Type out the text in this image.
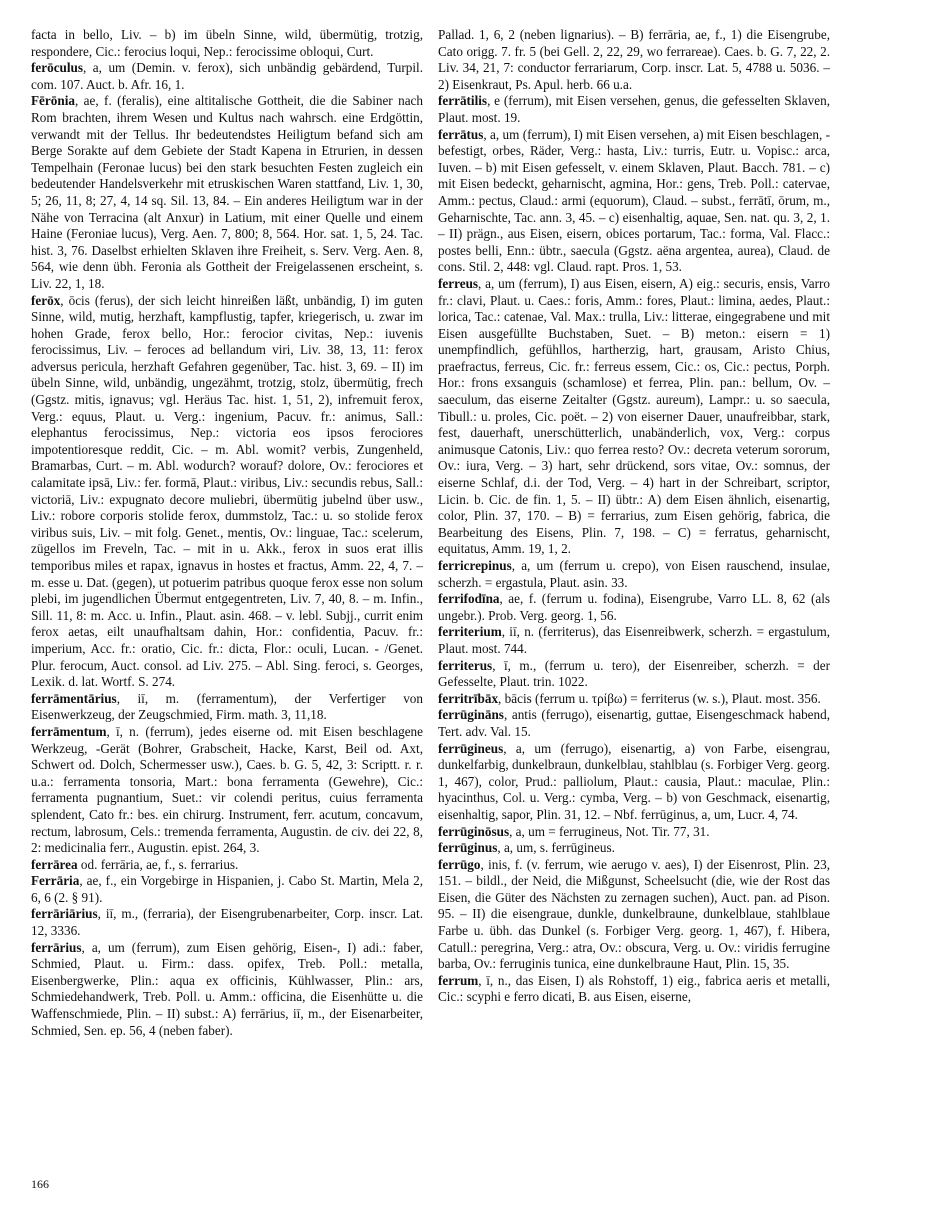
facta in bello, Liv. – b) im übeln Sinne, wild, übermütig, trotzig, respondere, Cic.: ferocius loqui, Nep.: ferocissime obloqui, Curt.

ferōculus, a, um (Demin. v. ferox), sich unbändig gebärdend, Turpil. com. 107. Auct. b. Afr. 16, 1.

Fērōnia, ae, f. (feralis), eine altitalische Gottheit, die die Sabiner nach Rom brachten, ihrem Wesen und Kultus nach wahrsch. eine Erdgöttin, verwandt mit der Tellus. Ihr bedeutendstes Heiligtum befand sich am Berge Sorakte auf dem Gebiete der Stadt Kapena in Etrurien, in dessen Tempelhain (Feronae lucus) bei den stark besuchten Festen zugleich ein bedeutender Handelsverkehr mit etruskischen Waren stattfand, Liv. 1, 30, 5; 26, 11, 8; 27, 4, 14 sq. Sil. 13, 84. – Ein anderes Heiligtum war in der Nähe von Terracina (alt Anxur) in Latium, mit einer Quelle und einem Haine (Feroniae lucus), Verg. Aen. 7, 800; 8, 564. Hor. sat. 1, 5, 24. Tac. hist. 3, 76. Daselbst erhielten Sklaven ihre Freiheit, s. Serv. Verg. Aen. 8, 564, wie denn übh. Feronia als Gottheit der Freigelassenen erscheint, s. Liv. 22, 1, 18.

ferōx, ōcis (ferus), der sich leicht hinreißen läßt, unbändig, I) im guten Sinne, wild, mutig, herzhaft, kampflustig, tapfer, kriegerisch, u. zwar im hohen Grade, ferox bello, Hor.: ferocior civitas, Nep.: iuvenis ferocissimus, Liv. – feroces ad bellandum viri, Liv. 38, 13, 11: ferox adversus pericula, herzhaft Gefahren gegenüber, Tac. hist. 3, 69. – II) im übeln Sinne, wild, unbändig, ungezähmt, trotzig, stolz, übermütig, frech (Ggstz. mitis, ignavus; vgl. Heräus Tac. hist. 1, 51, 2), infremuit ferox, Verg.: equus, Plaut. u. Verg.: ingenium, Pacuv. fr.: animus, Sall.: elephantus ferocissimus, Nep.: victoria eos ipsos ferociores impotentioresque reddit, Cic. – m. Abl. womit? verbis, Zungenheld, Bramarbas, Curt. – m. Abl. wodurch? worauf? dolore, Ov.: ferociores et calamitate ipsā, Liv.: fer. formā, Plaut.: viribus, Liv.: secundis rebus, Sall.: victoriā, Liv.: expugnato decore muliebri, übermütig jubelnd über usw., Liv.: robore corporis stolide ferox, dummstolz, Tac.: u. so stolide ferox viribus suis, Liv. – mit folg. Genet., mentis, Ov.: linguae, Tac.: scelerum, zügellos im Freveln, Tac. – mit in u. Akk., ferox in suos erat illis temporibus miles et rapax, ignavus in hostes et fractus, Amm. 22, 4, 7. – m. esse u. Dat. (gegen), ut potuerim patribus quoque ferox esse non solum plebi, im jugendlichen Übermut entgegentreten, Liv. 7, 40, 8. – m. Infin., Sill. 11, 8: m. Acc. u. Infin., Plaut. asin. 468. – v. lebl. Subjj., currit enim ferox aetas, eilt unaufhaltsam dahin, Hor.: confidentia, Pacuv. fr.: imperium, Acc. fr.: oratio, Cic. fr.: dicta, Flor.: oculi, Lucan. - /Genet. Plur. ferocum, Auct. consol. ad Liv. 275. – Abl. Sing. feroci, s. Georges, Lexik. d. lat. Wortf. S. 274.

ferrāmentārius, iī, m. (ferramentum), der Verfertiger von Eisenwerkzeug, der Zeugschmied, Firm. math. 3, 11,18.

ferrāmentum, ī, n. (ferrum), jedes eiserne od. mit Eisen beschlagene Werkzeug, -Gerät (Bohrer, Grabscheit, Hacke, Karst, Beil od. Axt, Schwert od. Dolch, Schermesser usw.), Caes. b. G. 5, 42, 3: Scriptt. r. r. u.a.: ferramenta tonsoria, Mart.: bona ferramenta (Gewehre), Cic.: ferramenta pugnantium, Suet.: vir colendi peritus, cuius ferramenta splendent, Cato fr.: bes. ein chirurg. Instrument, ferr. acutum, concavum, rectum, labrosum, Cels.: tremenda ferramenta, Augustin. de civ. dei 22, 8, 2: medicinalia ferr., Augustin. epist. 264, 3.

ferrārea od. ferrāria, ae, f., s. ferrarius.

Ferrāria, ae, f., ein Vorgebirge in Hispanien, j. Cabo St. Martin, Mela 2, 6, 6 (2. § 91).

ferrāriārius, iī, m., (ferraria), der Eisengrubenarbeiter, Corp. inscr. Lat. 12, 3336.

ferrārius, a, um (ferrum), zum Eisen gehörig, Eisen-, I) adi.: faber, Schmied, Plaut. u. Firm.: dass. opifex, Treb. Poll.: metalla, Eisenbergwerke, Plin.: aqua ex officinis, Kühlwasser, Plin.: ars, Schmiedehandwerk, Treb. Poll. u. Amm.: officina, die Eisenhütte u. die Waffenschmiede, Plin. – II) subst.: A) ferrārius, iī, m., der Eisenarbeiter, Schmied, Sen. ep. 56, 4 (neben faber).

Pallad. 1, 6, 2 (neben lignarius). – B) ferrāria, ae, f., 1) die Eisengrube, Cato origg. 7. fr. 5 (bei Gell. 2, 22, 29, wo ferrareae). Caes. b. G. 7, 22, 2. Liv. 34, 21, 7: conductor ferrariarum, Corp. inscr. Lat. 5, 4788 u. 5036. – 2) Eisenkraut, Ps. Apul. herb. 66 u.a.

ferrātilis, e (ferrum), mit Eisen versehen, genus, die gefesselten Sklaven, Plaut. most. 19.

ferrātus, a, um (ferrum), I) mit Eisen versehen, a) mit Eisen beschlagen, -befestigt, orbes, Räder, Verg.: hasta, Liv.: turris, Eutr. u. Vopisc.: arca, Iuven. – b) mit Eisen gefesselt, v. einem Sklaven, Plaut. Bacch. 781. – c) mit Eisen bedeckt, geharnischt, agmina, Hor.: gens, Treb. Poll.: catervae, Amm.: pectus, Claud.: armi (equorum), Claud. – subst., ferrātī, ōrum, m., Geharnischte, Tac. ann. 3, 45. – c) eisenhaltig, aquae, Sen. nat. qu. 3, 2, 1. – II) prägn., aus Eisen, eisern, obices portarum, Tac.: forma, Val. Flacc.: postes belli, Enn.: übtr., saecula (Ggstz. aëna argentea, aurea), Claud. de cons. Stil. 2, 448: vgl. Claud. rapt. Pros. 1, 53.

ferreus, a, um (ferrum), I) aus Eisen, eisern, A) eig.: securis, ensis, Varro fr.: clavi, Plaut. u. Caes.: foris, Amm.: fores, Plaut.: limina, aedes, Plaut.: lorica, Tac.: catenae, Val. Max.: trulla, Liv.: litterae, eingegrabene und mit Eisen ausgefüllte Buchstaben, Suet. – B) meton.: eisern = 1) unempfindlich, gefühllos, hartherzig, hart, grausam, Aristo Chius, praefractus, ferreus, Cic. fr.: ferreus essem, Cic.: os, Cic.: pectus, Porph. Hor.: frons exsanguis (schamlose) et ferrea, Plin. pan.: bellum, Ov. – saeculum, das eiserne Zeitalter (Ggstz. aureum), Lampr.: u. so saecula, Tibull.: u. proles, Cic. poët. – 2) von eiserner Dauer, unaufreibbar, stark, fest, dauerhaft, unerschütterlich, unabänderlich, vox, Verg.: corpus animusque Catonis, Liv.: quo ferrea resto? Ov.: decreta veterum sororum, Ov.: iura, Verg. – 3) hart, sehr drückend, sors vitae, Ov.: somnus, der eiserne Schlaf, d.i. der Tod, Verg. – 4) hart in der Schreibart, scriptor, Licin. b. Cic. de fin. 1, 5. – II) übtr.: A) dem Eisen ähnlich, eisenartig, color, Plin. 37, 170. – B) = ferrarius, zum Eisen gehörig, fabrica, die Bearbeitung des Eisens, Plin. 7, 198. – C) = ferratus, geharnischt, equitatus, Amm. 19, 1, 2.

ferricrepinus, a, um (ferrum u. crepo), von Eisen rauschend, insulae, scherzh. = ergastula, Plaut. asin. 33.

ferrifodīna, ae, f. (ferrum u. fodina), Eisengrube, Varro LL. 8, 62 (als ungebr.). Prob. Verg. georg. 1, 56.

ferriterium, iī, n. (ferriterus), das Eisenreibwerk, scherzh. = ergastulum, Plaut. most. 744.

ferriterus, ī, m., (ferrum u. tero), der Eisenreiber, scherzh. = der Gefesselte, Plaut. trin. 1022.

ferritrībāx, bācis (ferrum u. τρίβω) = ferriterus (w. s.), Plaut. most. 356.

ferrūgināns, antis (ferrugo), eisenartig, guttae, Eisengeschmack habend, Tert. adv. Val. 15.

ferrūgineus, a, um (ferrugo), eisenartig, a) von Farbe, eisengrau, dunkelfarbig, dunkelbraun, dunkelblau, stahlblau (s. Forbiger Verg. georg. 1, 467), color, Prud.: palliolum, Plaut.: causia, Plaut.: maculae, Plin.: hyacinthus, Col. u. Verg.: cymba, Verg. – b) von Geschmack, eisenartig, eisenhaltig, sapor, Plin. 31, 12. – Nbf. ferrūginus, a, um, Lucr. 4, 74.

ferrūginōsus, a, um = ferrugineus, Not. Tir. 77, 31.

ferrūginus, a, um, s. ferrūgineus.

ferrūgo, inis, f. (v. ferrum, wie aerugo v. aes), I) der Eisenrost, Plin. 23, 151. – bildl., der Neid, die Mißgunst, Scheelsucht (die, wie der Rost das Eisen, die Güter des Nächsten zu zernagen suchen), Auct. pan. ad Pison. 95. – II) die eisengraue, dunkle, dunkelbraune, dunkelblaue, stahlblaue Farbe u. übh. das Dunkel (s. Forbiger Verg. georg. 1, 467), f. Hibera, Catull.: peregrina, Verg.: atra, Ov.: obscura, Verg. u. Ov.: viridis ferrugine barba, Ov.: ferruginis tunica, eine dunkelbraune Haut, Plin. 15, 35.

ferrum, ī, n., das Eisen, I) als Rohstoff, 1) eig., fabrica aeris et metalli, Cic.: scyphi e ferro dicati, B. aus Eisen, eiserne,

166
